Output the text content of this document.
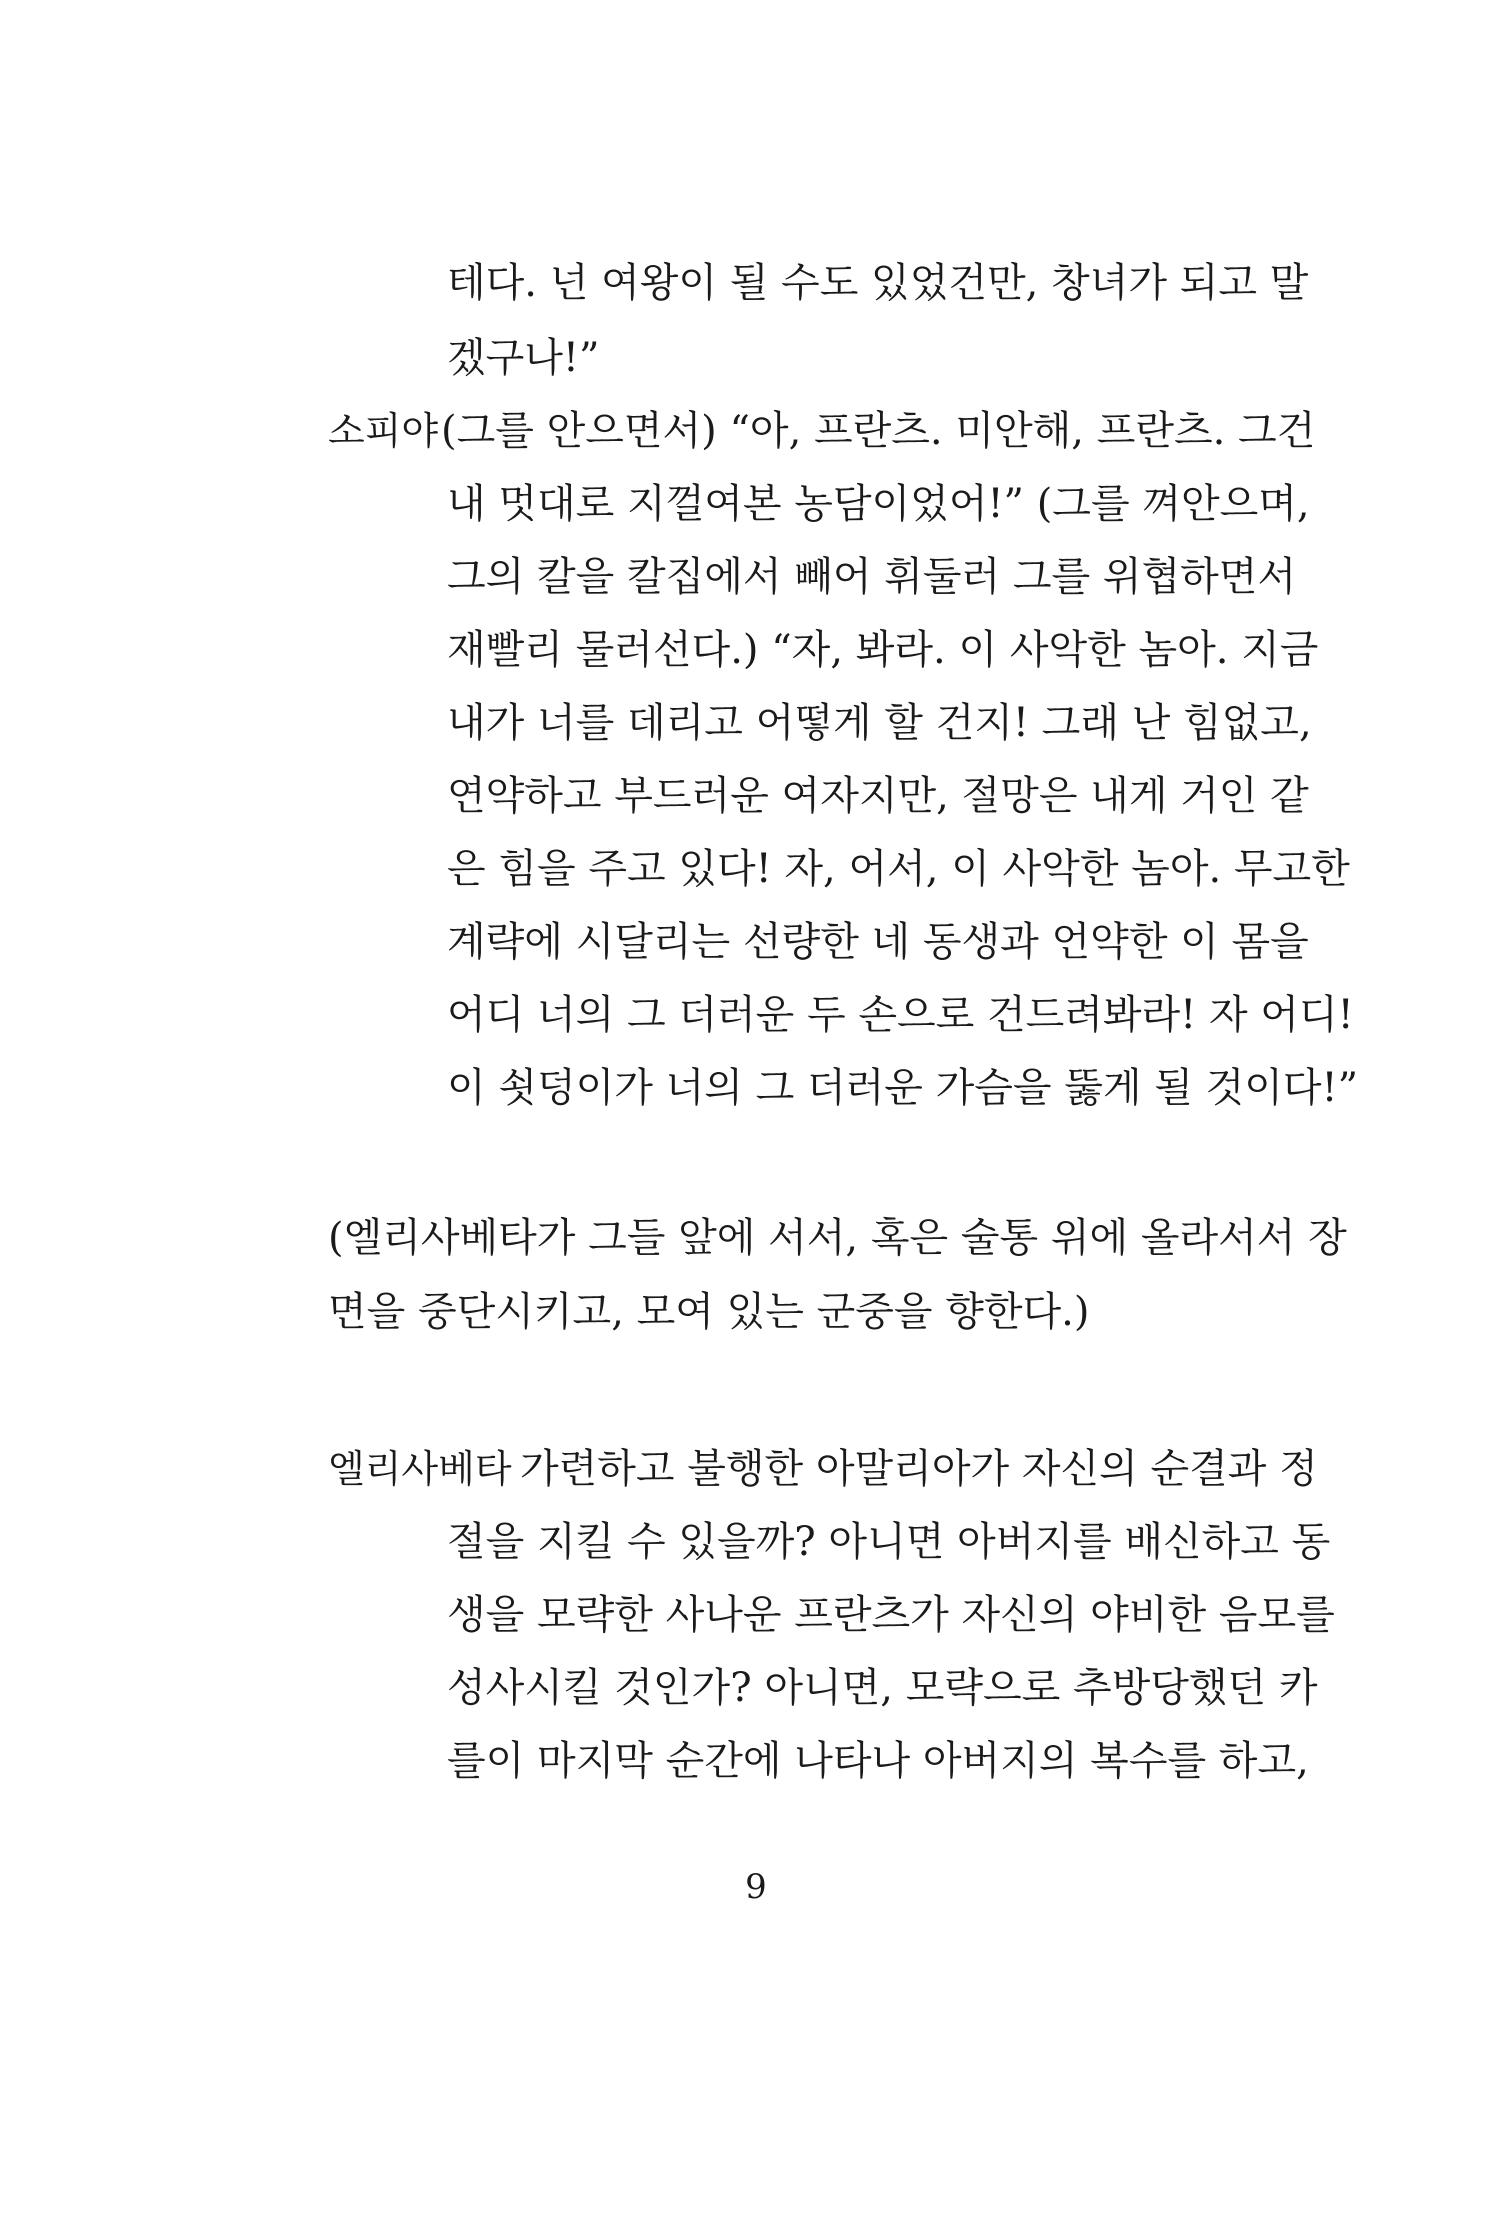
테다. 넌 여왕이 될 수도 있었건만, 창녀가 되고 말
겠구나!”
소피야 (그를 안으면서) “아, 프란츠. 미안해, 프란츠. 그건
내 멋대로 지껄여본 농담이었어!” (그를 껴안으며,
그의 칼을 칼집에서 빼어 휘둘러 그를 위협하면서
재빨리 물러선다.) “자, 봐라. 이 사악한 놈아. 지금
내가 너를 데리고 어떻게 할 건지! 그래 난 힘없고,
연약하고 부드러운 여자지만, 절망은 내게 거인 같
은 힘을 주고 있다! 자, 어서, 이 사악한 놈아. 무고한
계략에 시달리는 선량한 네 동생과 언약한 이 몸을
어디 너의 그 더러운 두 손으로 건드려봐라! 자 어디!
이 쇳덩이가 너의 그 더러운 가슴을 뚫게 될 것이다!”
(엘리사베타가 그들 앞에 서서, 혹은 술통 위에 올라서서 장
면을 중단시키고, 모여 있는 군중을 향한다.)
엘리사베타 가련하고 불행한 아말리아가 자신의 순결과 정
절을 지킬 수 있을까? 아니면 아버지를 배신하고 동
생을 모략한 사나운 프란츠가 자신의 야비한 음모를
성사시킬 것인가? 아니면, 모략으로 추방당했던 카
를이 마지막 순간에 나타나 아버지의 복수를 하고,
9
